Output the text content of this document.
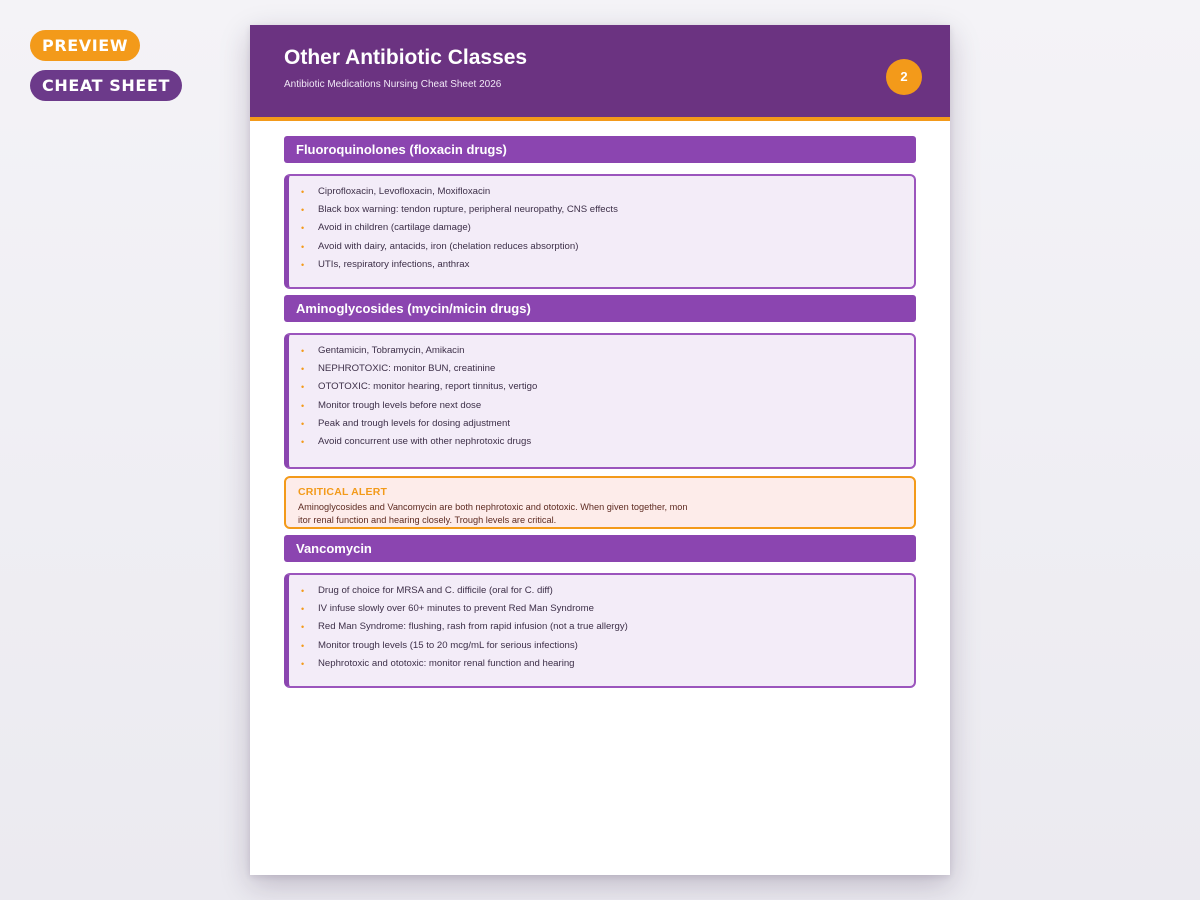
PREVIEW
CHEAT SHEET
Other Antibiotic Classes
Antibiotic Medications Nursing Cheat Sheet 2026
2
Fluoroquinolones (floxacin drugs)
• Ciprofloxacin, Levofloxacin, Moxifloxacin
• Black box warning: tendon rupture, peripheral neuropathy, CNS effects
• Avoid in children (cartilage damage)
• Avoid with dairy, antacids, iron (chelation reduces absorption)
• UTIs, respiratory infections, anthrax
Aminoglycosides (mycin/micin drugs)
• Gentamicin, Tobramycin, Amikacin
• NEPHROTOXIC: monitor BUN, creatinine
• OTOTOXIC: monitor hearing, report tinnitus, vertigo
• Monitor trough levels before next dose
• Peak and trough levels for dosing adjustment
• Avoid concurrent use with other nephrotoxic drugs
CRITICAL ALERT
Aminoglycosides and Vancomycin are both nephrotoxic and ototoxic. When given together, mon
itor renal function and hearing closely. Trough levels are critical.
Vancomycin
• Drug of choice for MRSA and C. difficile (oral for C. diff)
• IV infuse slowly over 60+ minutes to prevent Red Man Syndrome
• Red Man Syndrome: flushing, rash from rapid infusion (not a true allergy)
• Monitor trough levels (15 to 20 mcg/mL for serious infections)
• Nephrotoxic and ototoxic: monitor renal function and hearing
